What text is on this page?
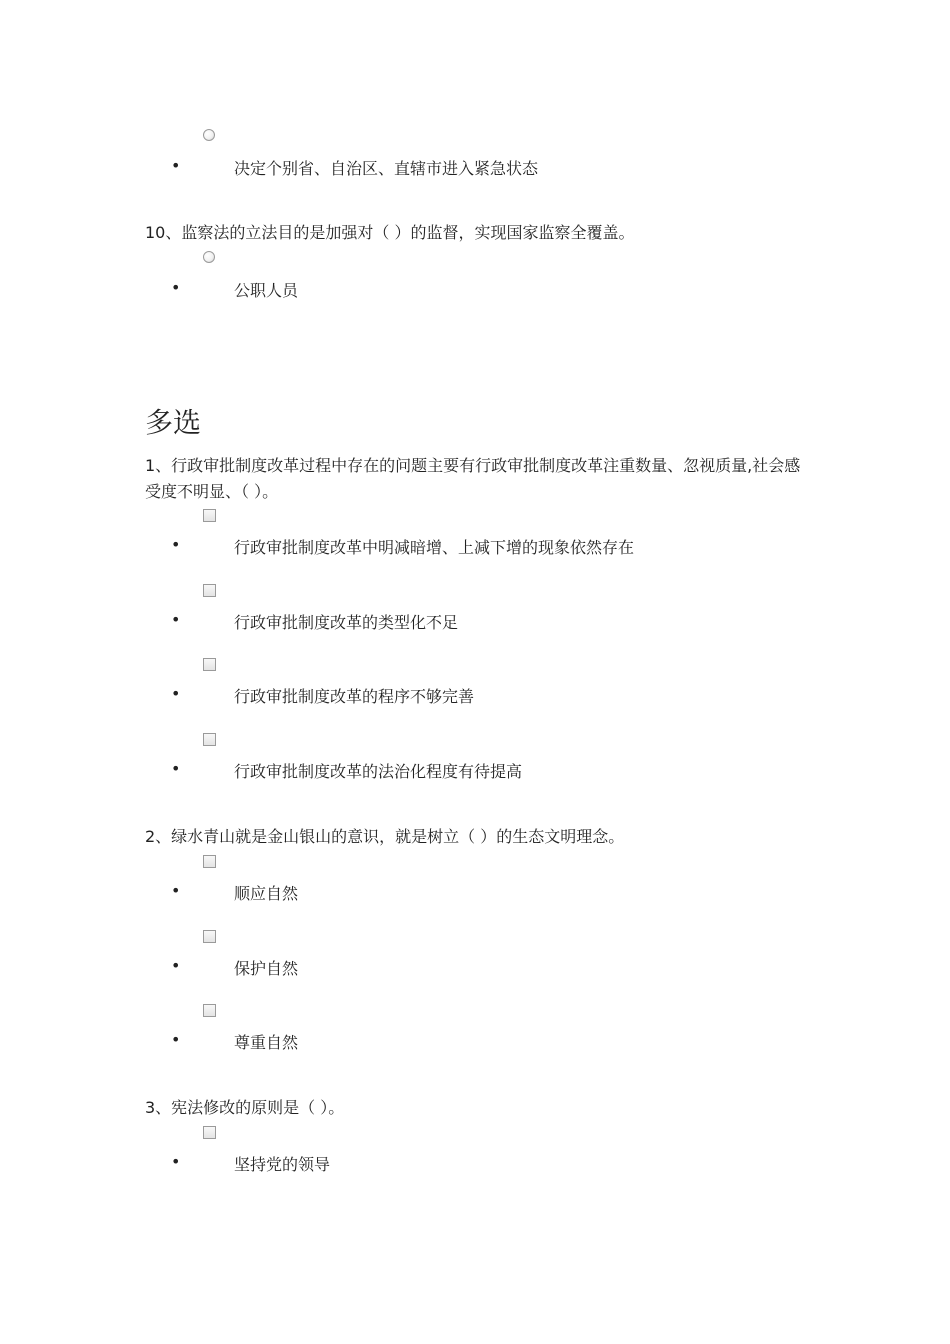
•	决定个别省、自治区、直辖市进入紧急状态
10、监察法的立法目的是加强对（ ）的监督，实现国家监察全覆盖。
•	公职人员
多选
1、行政审批制度改革过程中存在的问题主要有行政审批制度改革注重数量、忽视质量,社会感受度不明显、（ ）。
•	行政审批制度改革中明减暗增、上减下增的现象依然存在
•	行政审批制度改革的类型化不足
•	行政审批制度改革的程序不够完善
•	行政审批制度改革的法治化程度有待提高
2、绿水青山就是金山银山的意识，就是树立（ ）的生态文明理念。
•	顺应自然
•	保护自然
•	尊重自然
3、宪法修改的原则是（ ）。
•	坚持党的领导
